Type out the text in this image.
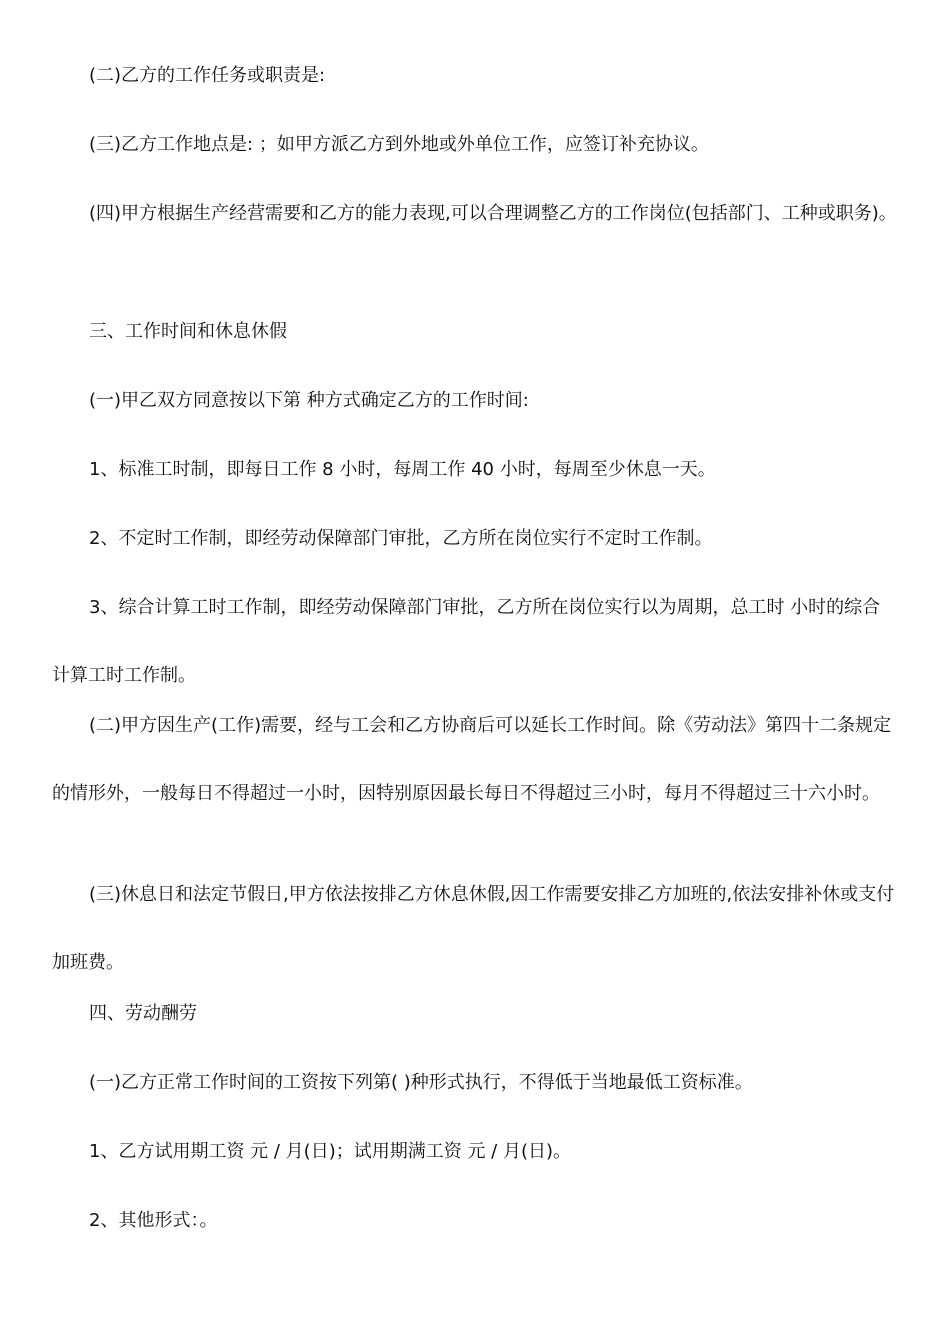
(二)乙方的工作任务或职责是:

(三)乙方工作地点是: ；如甲方派乙方到外地或外单位工作，应签订补充协议。

(四)甲方根据生产经营需要和乙方的能力表现,可以合理调整乙方的工作岗位(包括部门、工种或职务)。

三、工作时间和休息休假

(一)甲乙双方同意按以下第 种方式确定乙方的工作时间:

1、标准工时制，即每日工作 8 小时，每周工作 40 小时，每周至少休息一天。

2、不定时工作制，即经劳动保障部门审批，乙方所在岗位实行不定时工作制。

3、综合计算工时工作制，即经劳动保障部门审批，乙方所在岗位实行以为周期，总工时 小时的综合计算工时工作制。

(二)甲方因生产(工作)需要，经与工会和乙方协商后可以延长工作时间。除《劳动法》第四十二条规定的情形外，一般每日不得超过一小时，因特别原因最长每日不得超过三小时，每月不得超过三十六小时。

(三)休息日和法定节假日,甲方依法按排乙方休息休假,因工作需要安排乙方加班的,依法安排补休或支付加班费。

四、劳动酬劳

(一)乙方正常工作时间的工资按下列第( )种形式执行，不得低于当地最低工资标准。

1、乙方试用期工资 元 / 月(日)；试用期满工资 元 / 月(日)。

2、其他形式：。
